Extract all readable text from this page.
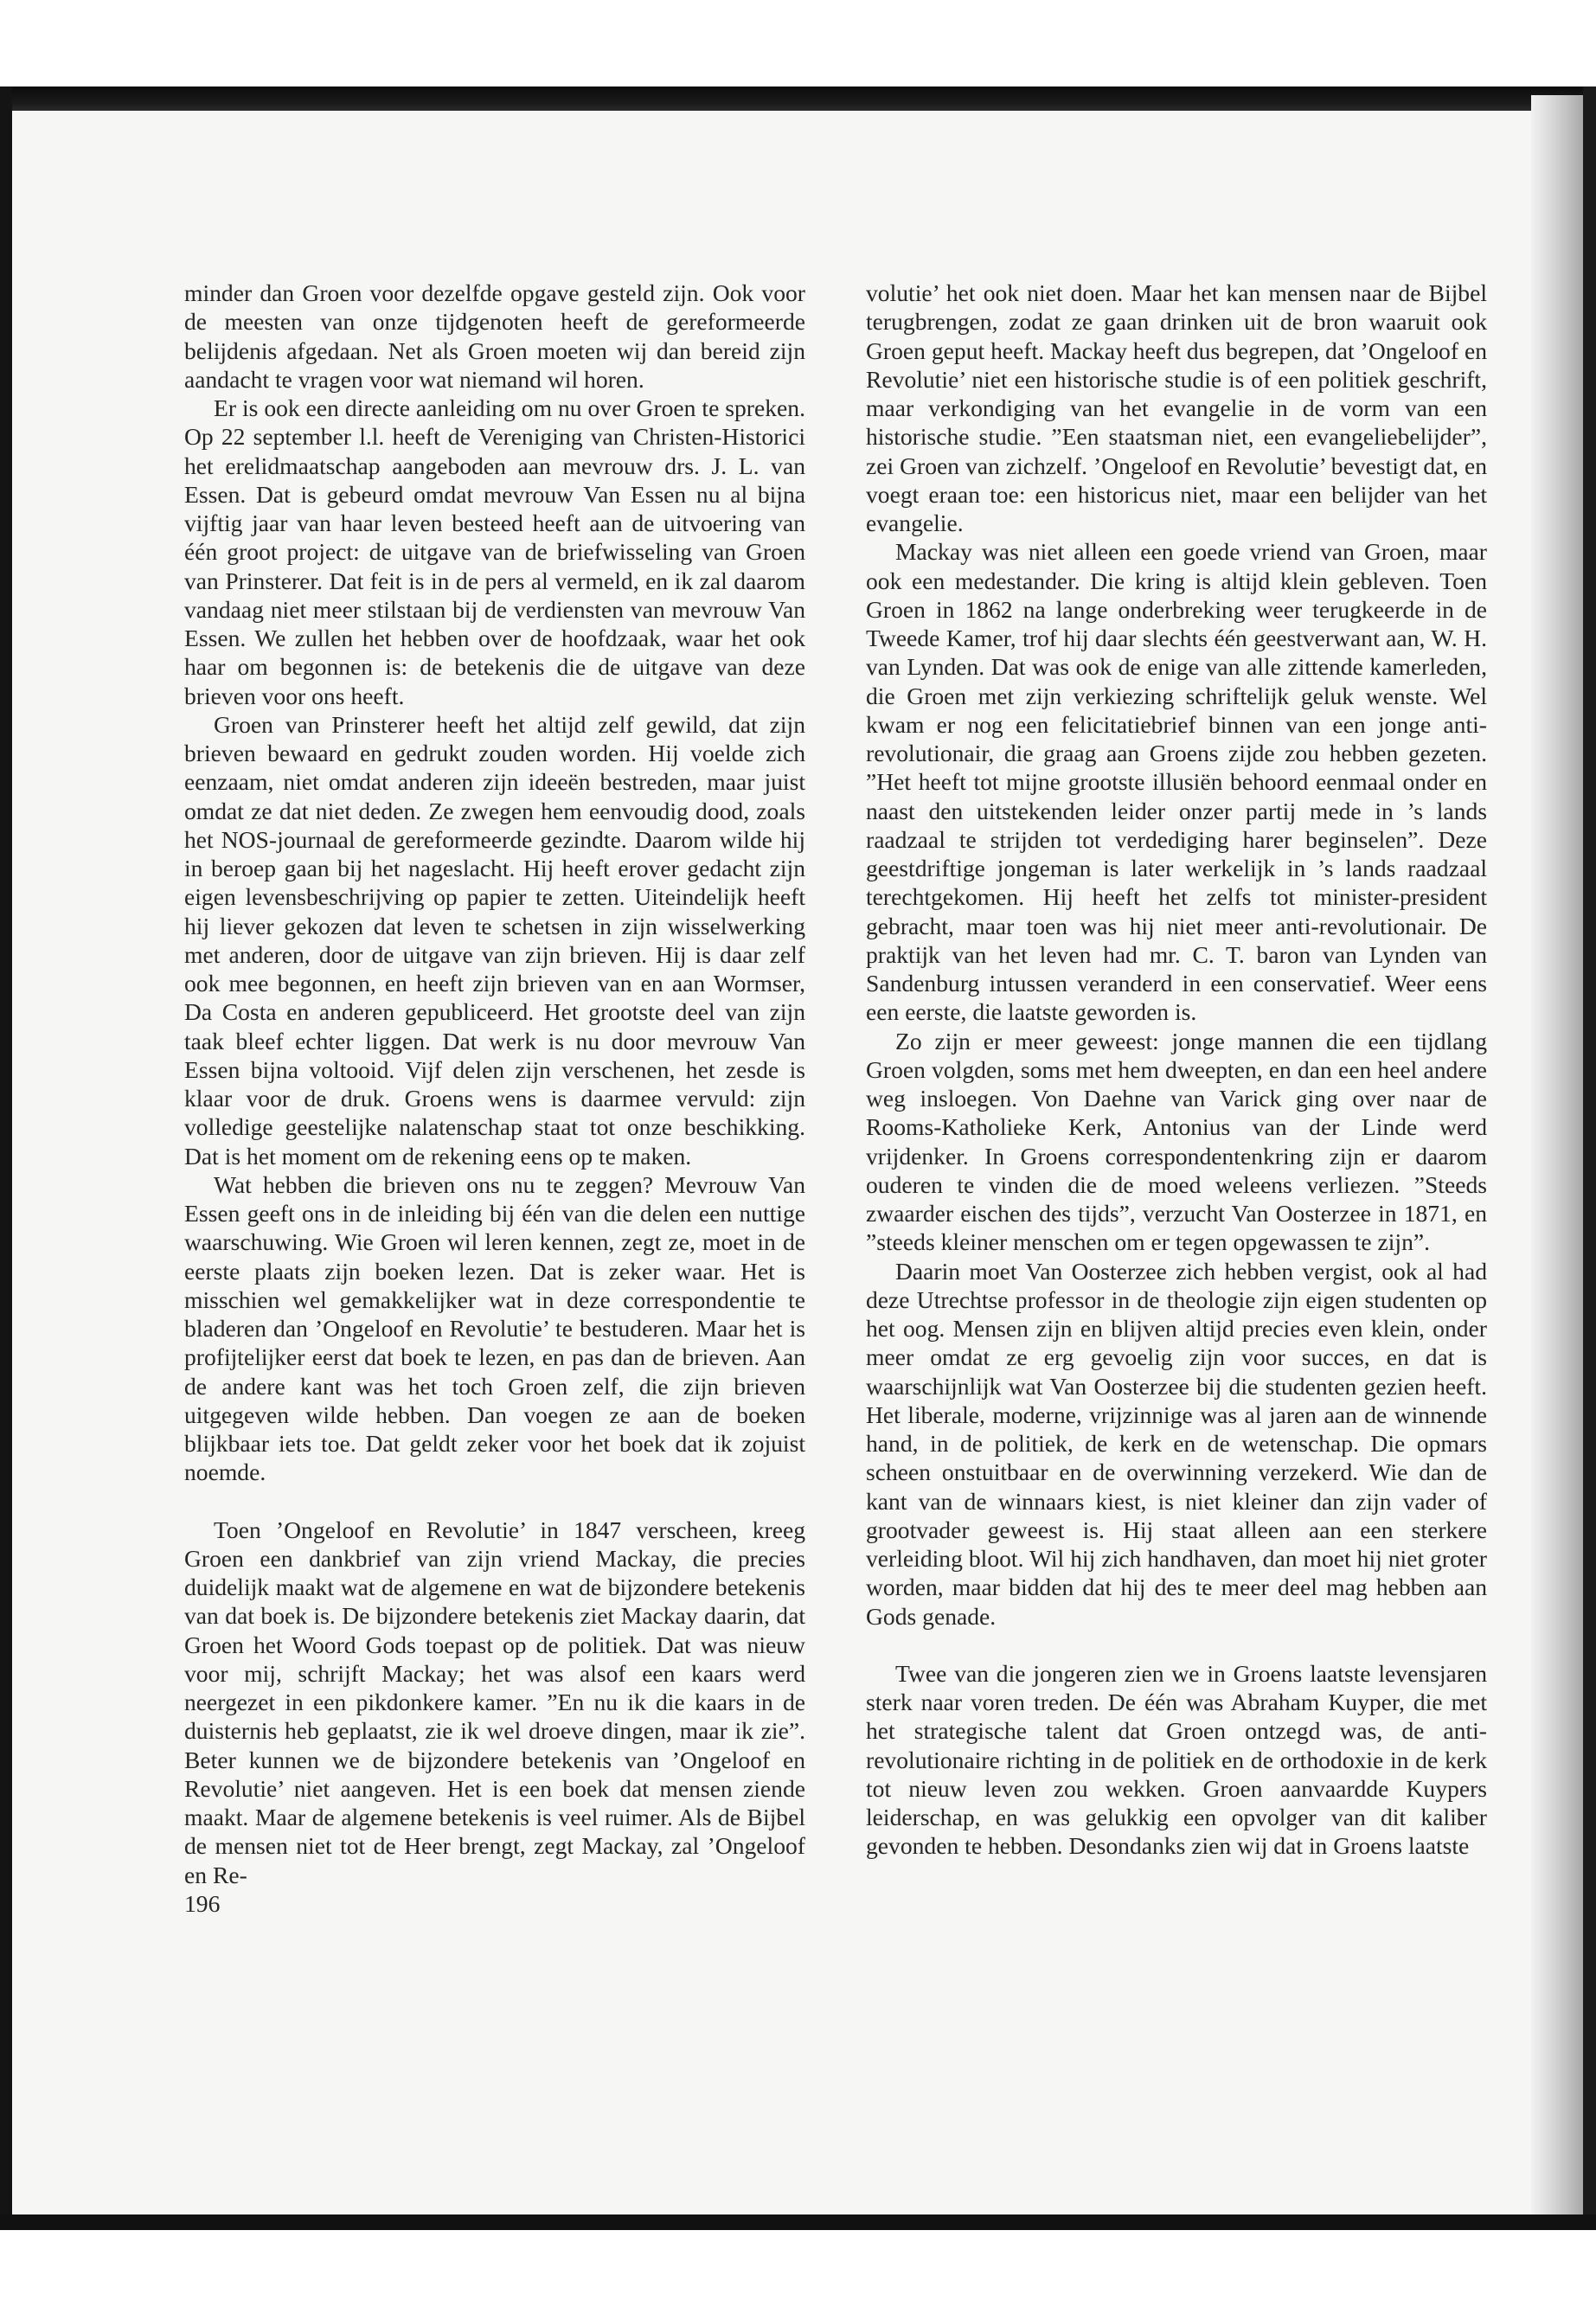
minder dan Groen voor dezelfde opgave gesteld zijn. Ook voor de meesten van onze tijdgenoten heeft de gereformeerde belijdenis afgedaan. Net als Groen moeten wij dan bereid zijn aandacht te vragen voor wat niemand wil horen.

Er is ook een directe aanleiding om nu over Groen te spreken. Op 22 september l.l. heeft de Vereniging van Christen-Historici het erelidmaatschap aangeboden aan mevrouw drs. J. L. van Essen. Dat is gebeurd omdat mevrouw Van Essen nu al bijna vijftig jaar van haar leven besteed heeft aan de uitvoering van één groot project: de uitgave van de briefwisseling van Groen van Prinsterer. Dat feit is in de pers al vermeld, en ik zal daarom vandaag niet meer stilstaan bij de verdiensten van mevrouw Van Essen. We zullen het hebben over de hoofdzaak, waar het ook haar om begonnen is: de betekenis die de uitgave van deze brieven voor ons heeft.

Groen van Prinsterer heeft het altijd zelf gewild, dat zijn brieven bewaard en gedrukt zouden worden. Hij voelde zich eenzaam, niet omdat anderen zijn ideeën bestreden, maar juist omdat ze dat niet deden. Ze zwegen hem eenvoudig dood, zoals het NOS-journaal de gereformeerde gezindte. Daarom wilde hij in beroep gaan bij het nageslacht. Hij heeft erover gedacht zijn eigen levensbeschrijving op papier te zetten. Uiteindelijk heeft hij liever gekozen dat leven te schetsen in zijn wisselwerking met anderen, door de uitgave van zijn brieven. Hij is daar zelf ook mee begonnen, en heeft zijn brieven van en aan Wormser, Da Costa en anderen gepubliceerd. Het grootste deel van zijn taak bleef echter liggen. Dat werk is nu door mevrouw Van Essen bijna voltooid. Vijf delen zijn verschenen, het zesde is klaar voor de druk. Groens wens is daarmee vervuld: zijn volledige geestelijke nalatenschap staat tot onze beschikking. Dat is het moment om de rekening eens op te maken.

Wat hebben die brieven ons nu te zeggen? Mevrouw Van Essen geeft ons in de inleiding bij één van die delen een nuttige waarschuwing. Wie Groen wil leren kennen, zegt ze, moet in de eerste plaats zijn boeken lezen. Dat is zeker waar. Het is misschien wel gemakkelijker wat in deze correspondentie te bladeren dan ’Ongeloof en Revolutie’ te bestuderen. Maar het is profijtelijker eerst dat boek te lezen, en pas dan de brieven. Aan de andere kant was het toch Groen zelf, die zijn brieven uitgegeven wilde hebben. Dan voegen ze aan de boeken blijkbaar iets toe. Dat geldt zeker voor het boek dat ik zojuist noemde.

Toen ’Ongeloof en Revolutie’ in 1847 verscheen, kreeg Groen een dankbrief van zijn vriend Mackay, die precies duidelijk maakt wat de algemene en wat de bijzondere betekenis van dat boek is. De bijzondere betekenis ziet Mackay daarin, dat Groen het Woord Gods toepast op de politiek. Dat was nieuw voor mij, schrijft Mackay; het was alsof een kaars werd neergezet in een pikdonkere kamer. ”En nu ik die kaars in de duisternis heb geplaatst, zie ik wel droeve dingen, maar ik zie”. Beter kunnen we de bijzondere betekenis van ’Ongeloof en Revolutie’ niet aangeven. Het is een boek dat mensen ziende maakt. Maar de algemene betekenis is veel ruimer. Als de Bijbel de mensen niet tot de Heer brengt, zegt Mackay, zal ’Ongeloof en Re-

196

volutie’ het ook niet doen. Maar het kan mensen naar de Bijbel terugbrengen, zodat ze gaan drinken uit de bron waaruit ook Groen geput heeft. Mackay heeft dus begrepen, dat ’Ongeloof en Revolutie’ niet een historische studie is of een politiek geschrift, maar verkondiging van het evangelie in de vorm van een historische studie. ”Een staatsman niet, een evangeliebelijder”, zei Groen van zichzelf. ’Ongeloof en Revolutie’ bevestigt dat, en voegt eraan toe: een historicus niet, maar een belijder van het evangelie.

Mackay was niet alleen een goede vriend van Groen, maar ook een medestander. Die kring is altijd klein gebleven. Toen Groen in 1862 na lange onderbreking weer terugkeerde in de Tweede Kamer, trof hij daar slechts één geestverwant aan, W. H. van Lynden. Dat was ook de enige van alle zittende kamerleden, die Groen met zijn verkiezing schriftelijk geluk wenste. Wel kwam er nog een felicitatiebrief binnen van een jonge anti-revolutionair, die graag aan Groens zijde zou hebben gezeten. ”Het heeft tot mijne grootste illusiën behoord eenmaal onder en naast den uitstekenden leider onzer partij mede in ’s lands raadzaal te strijden tot verdediging harer beginselen”. Deze geestdriftige jongeman is later werkelijk in ’s lands raadzaal terechtgekomen. Hij heeft het zelfs tot minister-president gebracht, maar toen was hij niet meer anti-revolutionair. De praktijk van het leven had mr. C. T. baron van Lynden van Sandenburg intussen veranderd in een conservatief. Weer eens een eerste, die laatste geworden is.

Zo zijn er meer geweest: jonge mannen die een tijdlang Groen volgden, soms met hem dweepten, en dan een heel andere weg insloegen. Von Daehne van Varick ging over naar de Rooms-Katholieke Kerk, Antonius van der Linde werd vrijdenker. In Groens correspondentenkring zijn er daarom ouderen te vinden die de moed weleens verliezen. ”Steeds zwaarder eischen des tijds”, verzucht Van Oosterzee in 1871, en ”steeds kleiner menschen om er tegen opgewassen te zijn”.

Daarin moet Van Oosterzee zich hebben vergist, ook al had deze Utrechtse professor in de theologie zijn eigen studenten op het oog. Mensen zijn en blijven altijd precies even klein, onder meer omdat ze erg gevoelig zijn voor succes, en dat is waarschijnlijk wat Van Oosterzee bij die studenten gezien heeft. Het liberale, moderne, vrijzinnige was al jaren aan de winnende hand, in de politiek, de kerk en de wetenschap. Die opmars scheen onstuitbaar en de overwinning verzekerd. Wie dan de kant van de winnaars kiest, is niet kleiner dan zijn vader of grootvader geweest is. Hij staat alleen aan een sterkere verleiding bloot. Wil hij zich handhaven, dan moet hij niet groter worden, maar bidden dat hij des te meer deel mag hebben aan Gods genade.

Twee van die jongeren zien we in Groens laatste levensjaren sterk naar voren treden. De één was Abraham Kuyper, die met het strategische talent dat Groen ontzegd was, de anti-revolutionaire richting in de politiek en de orthodoxie in de kerk tot nieuw leven zou wekken. Groen aanvaardde Kuypers leiderschap, en was gelukkig een opvolger van dit kaliber gevonden te hebben. Desondanks zien wij dat in Groens laatste
